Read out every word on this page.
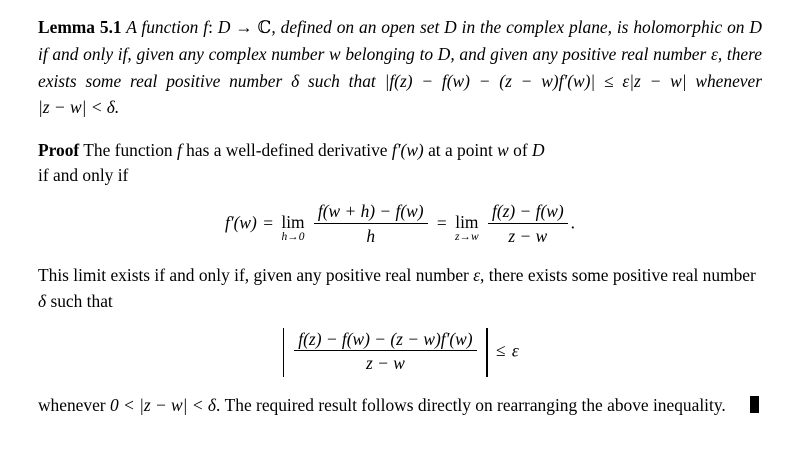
Lemma 5.1 A function f: D → ℂ, defined on an open set D in the complex plane, is holomorphic on D if and only if, given any complex number w belonging to D, and given any positive real number ε, there exists some real positive number δ such that |f(z) − f(w) − (z − w)f′(w)| ≤ ε|z − w| whenever |z − w| < δ.

Proof The function f has a well-defined derivative f′(w) at a point w of D
if and only if

f′(w) = lim
h→0
$\frac{f(w + h) - f(w)}{h} = \lim$
z→w
$\frac{f(z) - f(w)}{z - w}$ .

This limit exists if and only if, given any positive real number ε, there exists some positive real number δ such that

$\frac{f(z) - f(w) - (z - w)f'(w)}{z - w} \le \varepsilon$

whenever 0 < |z − w| < δ. The required result follows directly on rearranging the above inequality.
